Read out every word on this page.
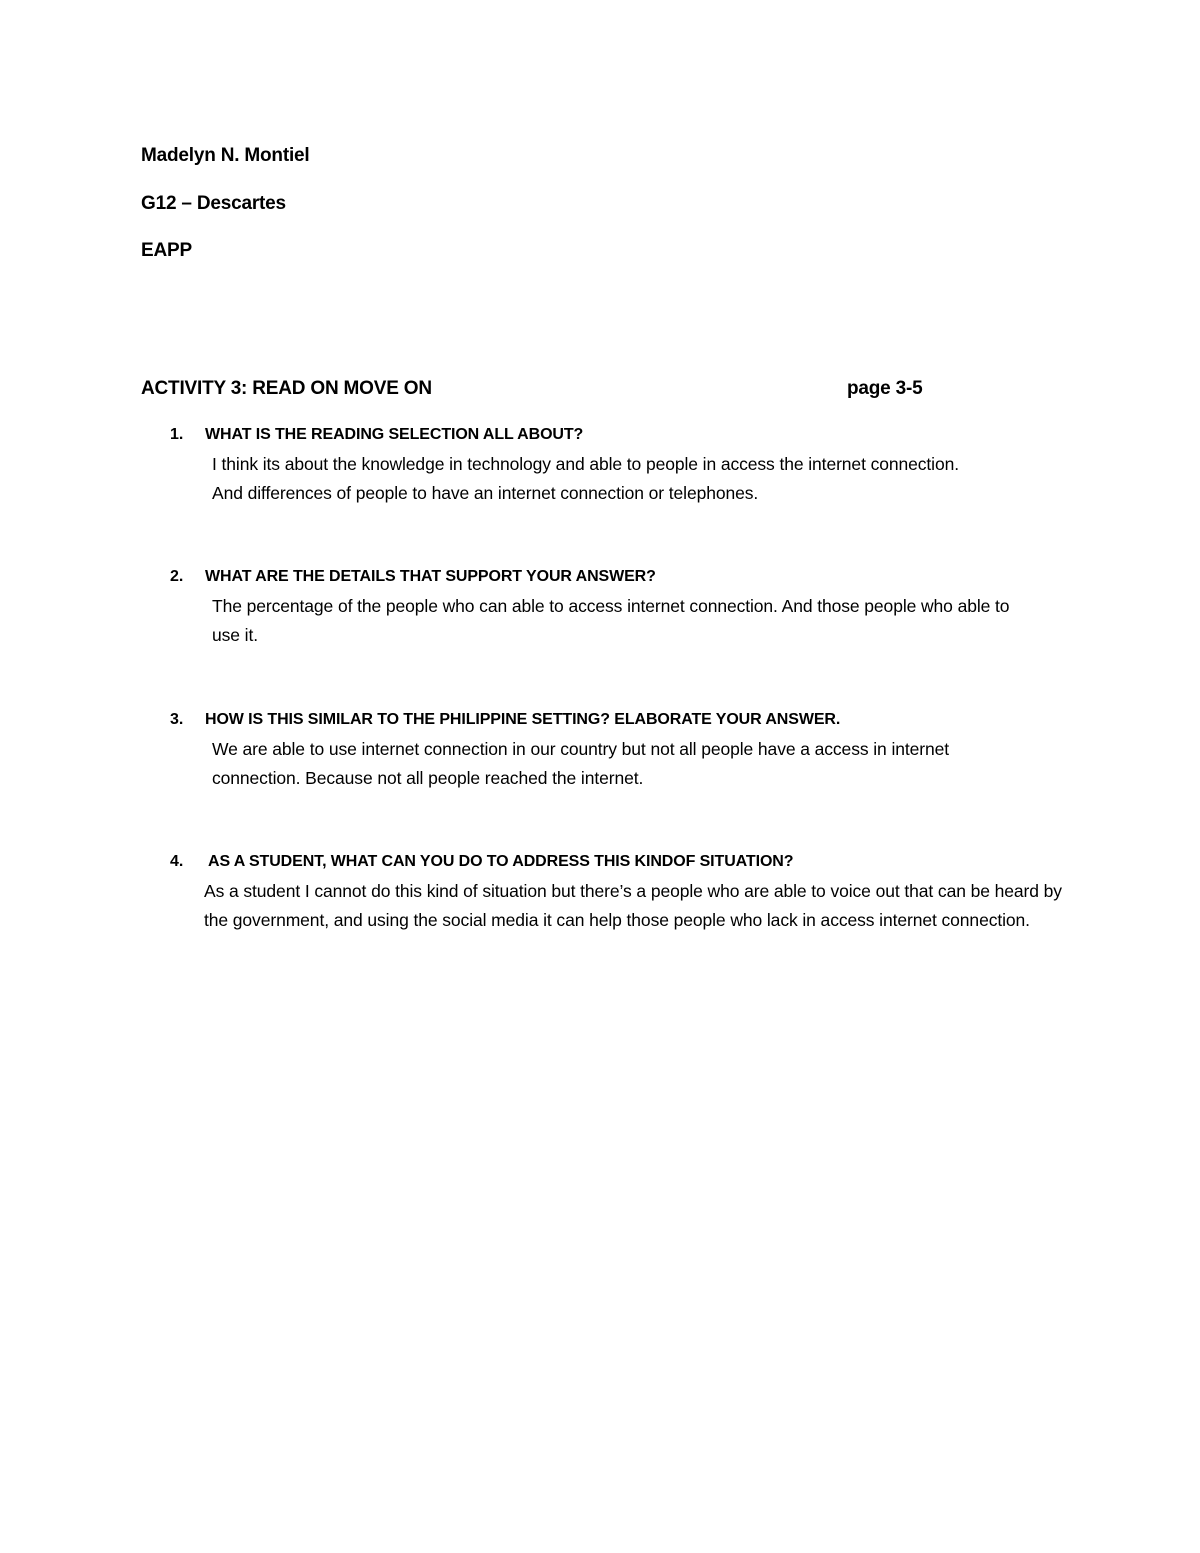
Madelyn N. Montiel
G12 – Descartes
EAPP
ACTIVITY 3: READ ON MOVE ON	page 3-5
1. WHAT IS THE READING SELECTION ALL ABOUT?
I think its about the knowledge in technology and able to people in access the internet connection. And differences of people to have an internet connection or telephones.
2. WHAT ARE THE DETAILS THAT SUPPORT YOUR ANSWER?
The percentage of the people who can able to access internet connection. And those people who able to use it.
3. HOW IS THIS SIMILAR TO THE PHILIPPINE SETTING? ELABORATE YOUR ANSWER.
We are able to use internet connection in our country but not all people have a access in internet connection. Because not all people reached the internet.
4. AS A STUDENT, WHAT CAN YOU DO TO ADDRESS THIS KINDOF SITUATION?
As a student I cannot do this kind of situation but there’s a people who are able to voice out that can be heard by the government, and using the social media it can help those people who lack in access internet connection.
